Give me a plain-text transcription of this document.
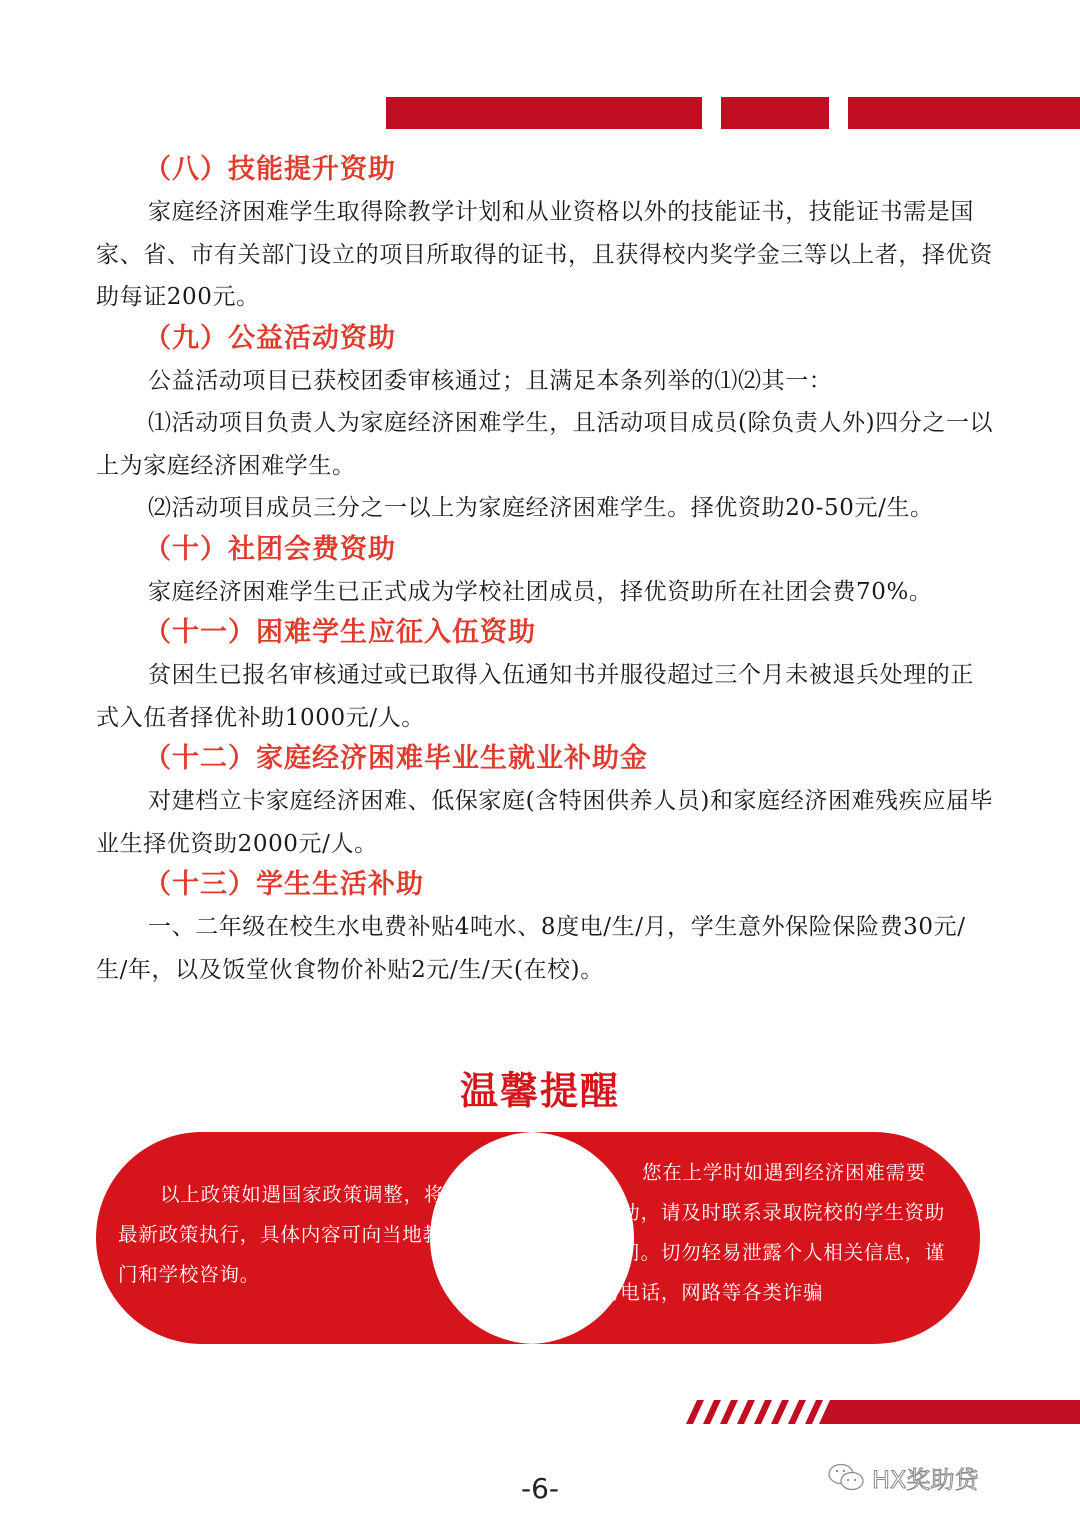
（八）技能提升资助

家庭经济困难学生取得除教学计划和从业资格以外的技能证书，技能证书需是国家、省、市有关部门设立的项目所取得的证书，且获得校内奖学金三等以上者，择优资助每证200元。

（九）公益活动资助

公益活动项目已获校团委审核通过；且满足本条列举的⑴⑵其一：

⑴活动项目负责人为家庭经济困难学生，且活动项目成员(除负责人外)四分之一以上为家庭经济困难学生。

⑵活动项目成员三分之一以上为家庭经济困难学生。择优资助20-50元/生。

（十）社团会费资助

家庭经济困难学生已正式成为学校社团成员，择优资助所在社团会费70%。

（十一）困难学生应征入伍资助

贫困生已报名审核通过或已取得入伍通知书并服役超过三个月未被退兵处理的正式入伍者择优补助1000元/人。

（十二）家庭经济困难毕业生就业补助金

对建档立卡家庭经济困难、低保家庭(含特困供养人员)和家庭经济困难残疾应届毕业生择优资助2000元/人。

（十三）学生生活补助

一、二年级在校生水电费补贴4吨水、8度电/生/月，学生意外保险保险费30元/生/年，以及饭堂伙食物价补贴2元/生/天(在校)。

温馨提醒
以上政策如遇国家政策调整，将按最新政策执行，具体内容可向当地教育部门和学校咨询。
您在上学时如遇到经济困难需要帮助，请及时联系录取院校的学生资助部门。切勿轻易泄露个人相关信息，谨防电话，网路等各类诈骗
-6-	HX奖助贷
